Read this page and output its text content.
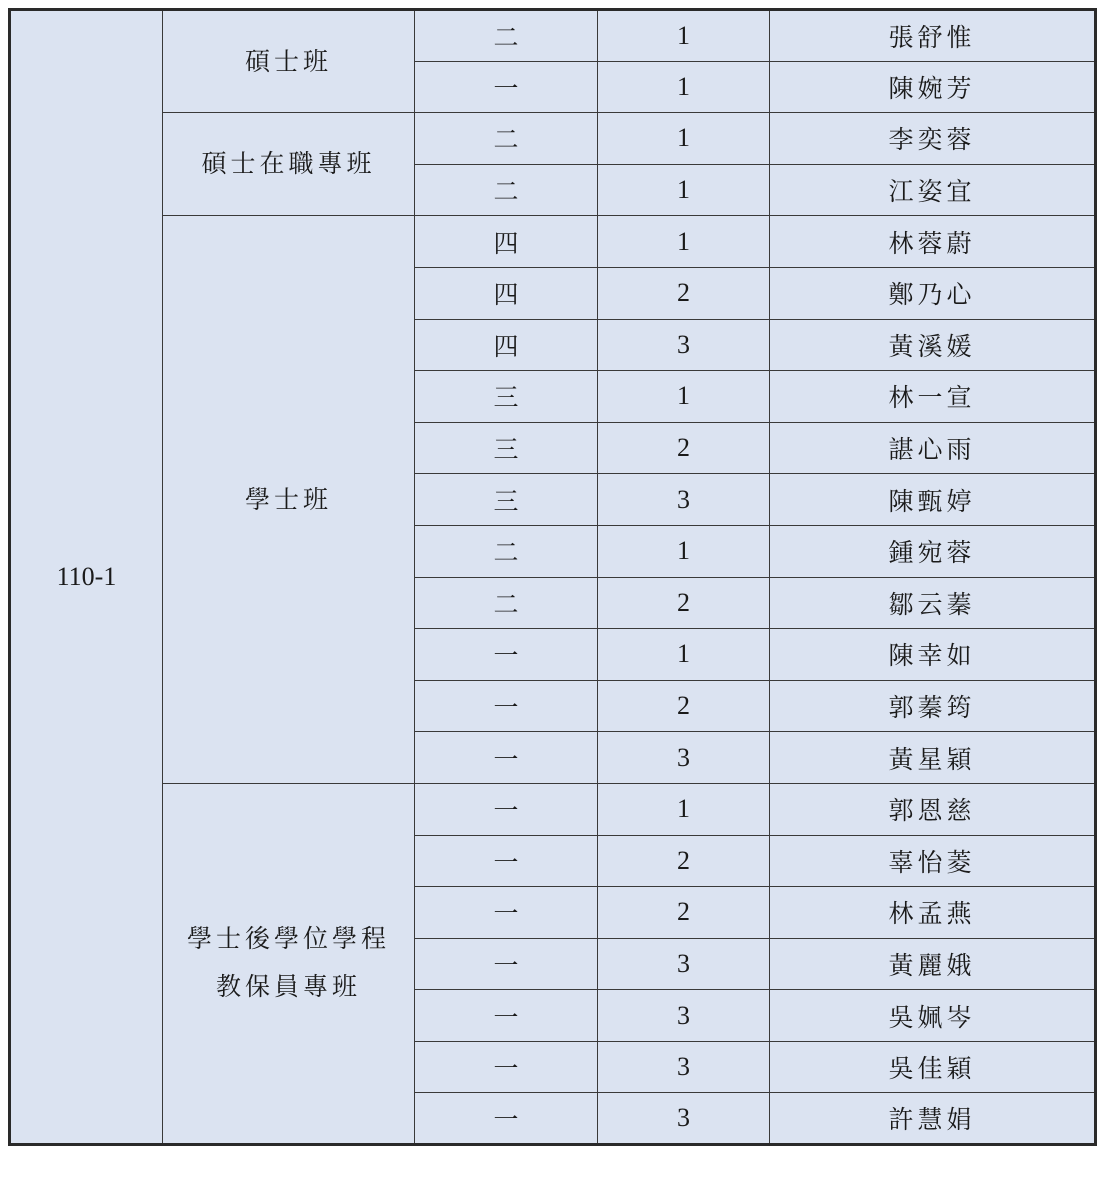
110-1	碩士班	二	1	張舒惟
		一	1	陳婉芳

	碩士在職專班	二	1	李奕蓉
		二	1	江姿宜

	學士班	四	1	林蓉蔚
		四	2	鄭乃心
		四	3	黃溪媛
		三	1	林一宣
		三	2	諶心雨
		三	3	陳甄婷
		二	1	鍾宛蓉
		二	2	鄒云蓁
		一	1	陳幸如
		一	2	郭蓁筠
		一	3	黃星穎

	學士後學位學程
教保員專班	一	1	郭恩慈
		一	2	辜怡菱
		一	2	林孟燕
		一	3	黃麗娥
		一	3	吳姵岑
		一	3	吳佳穎
		一	3	許慧娟
